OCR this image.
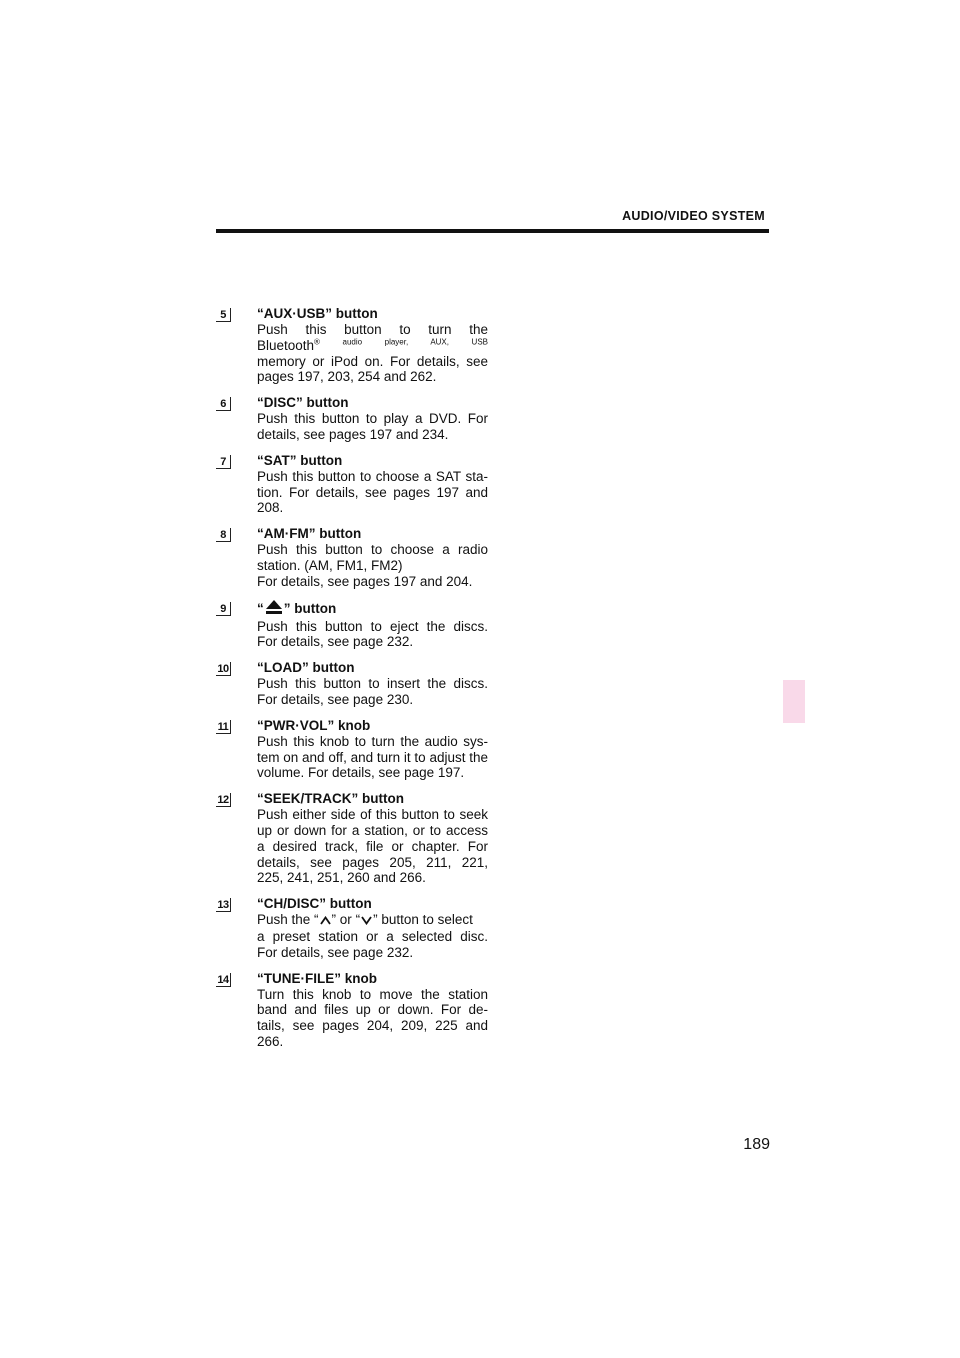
AUDIO/VIDEO SYSTEM
5	“AUX·USB” button
Push this button to turn the
Bluetooth$^{® audio player, AUX, USB}$
memory or iPod on. For details, see
pages 197, 203, 254 and 262.
6	“DISC” button
Push this button to play a DVD. For
details, see pages 197 and 234.
7	“SAT” button
Push this button to choose a SAT sta-
tion. For details, see pages 197 and
208.
8	“AM·FM” button
Push this button to choose a radio
station. (AM, FM1, FM2)
For details, see pages 197 and 204.
9	“ ” button
Push this button to eject the discs.
For details, see page 232.
10 “LOAD” button
Push this button to insert the discs.
For details, see page 230.
11 “PWR·VOL” knob
Push this knob to turn the audio sys-
tem on and off, and turn it to adjust the
volume. For details, see page 197.
12 “SEEK/TRACK” button
Push either side of this button to seek
up or down for a station, or to access
a desired track, file or chapter. For
details, see pages 205, 211, 221,
225, 241, 251, 260 and 266.
13 “CH/DISC” button
Push the “ ” or “ ” button to select
a preset station or a selected disc.
For details, see page 232.
14 “TUNE·FILE” knob
Turn this knob to move the station
band and files up or down. For de-
tails, see pages 204, 209, 225 and
266.
189
